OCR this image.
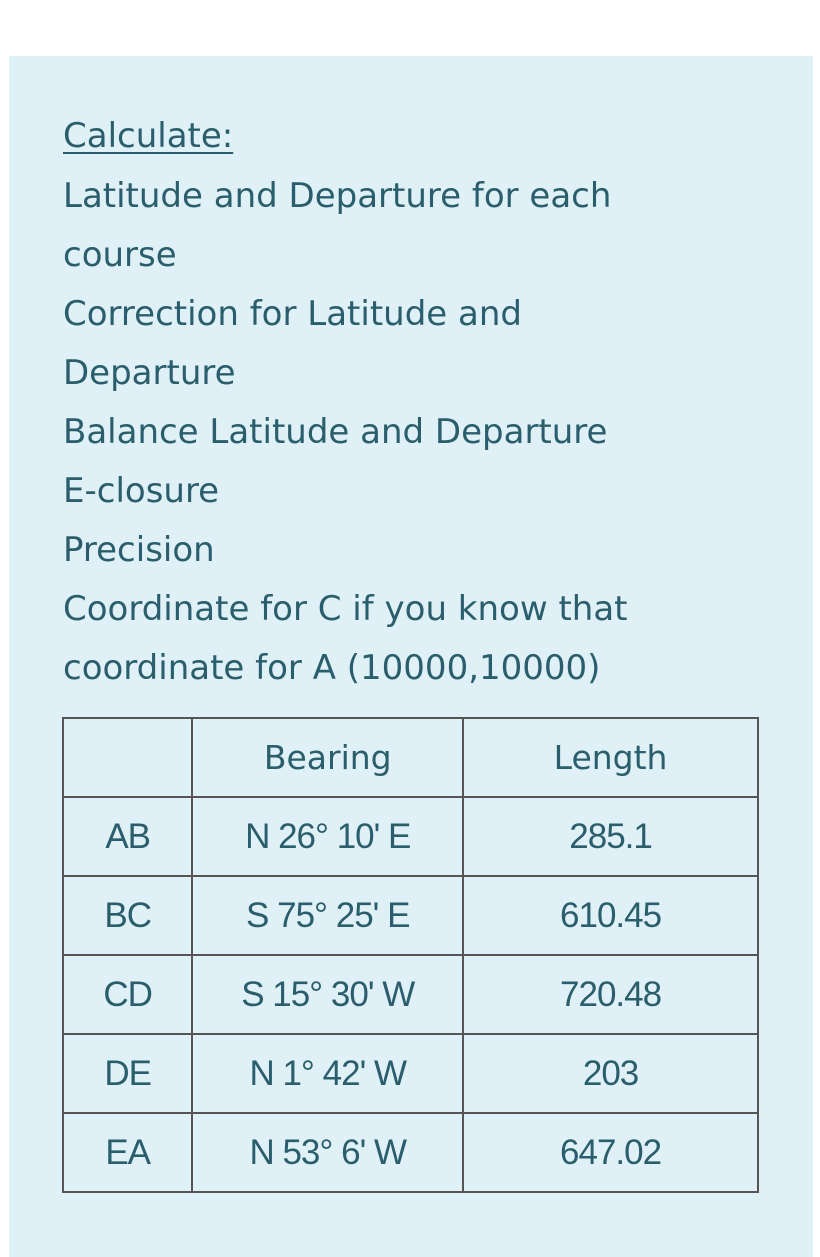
Calculate:
Latitude and Departure for each
course
Correction for Latitude and
Departure
Balance Latitude and Departure
E-closure
Precision
Coordinate for C if you know that
coordinate for A (10000,10000)
	Bearing	Length
AB	N 26° 10' E	285.1
BC	S 75° 25' E	610.45
CD	S 15° 30' W	720.48
DE	N 1° 42' W	203
EA	N 53° 6' W	647.02
